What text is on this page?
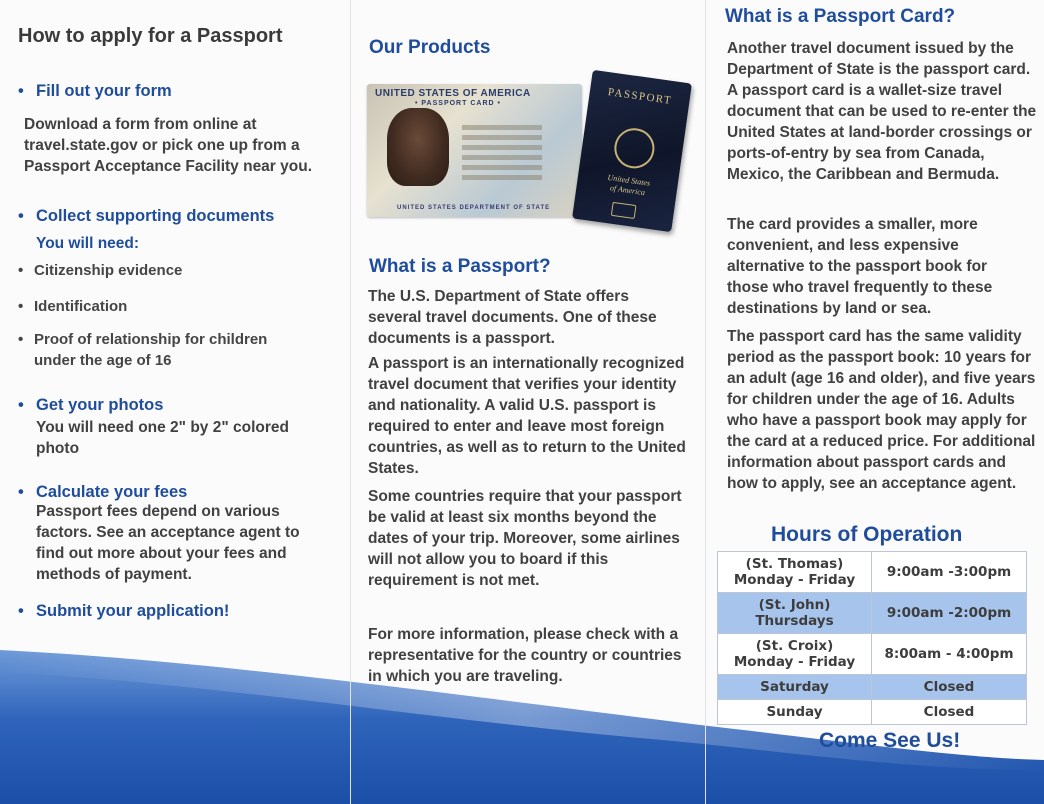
How to apply for a Passport
• Fill out your form

Download a form from online at travel.state.gov or pick one up from a Passport Acceptance Facility near you.

• Collect supporting documents
You will need:
• Citizenship evidence
• Identification
• Proof of relationship for children under the age of 16
• Get your photos

You will need one 2" by 2" colored photo

• Calculate your fees

Passport fees depend on various factors. See an acceptance agent to find out more about your fees and methods of payment.

• Submit your application!
Our Products
UNITED STATES OF AMERICA
• PASSPORT CARD •
UNITED STATES DEPARTMENT OF STATE
PASSPORT
United States of America
What is a Passport?

The U.S. Department of State offers several travel documents. One of these documents is a passport.

A passport is an internationally recognized travel document that verifies your identity and nationality. A valid U.S. passport is required to enter and leave most foreign countries, as well as to return to the United States.

Some countries require that your passport be valid at least six months beyond the dates of your trip. Moreover, some airlines will not allow you to board if this requirement is not met.

For more information, please check with a representative for the country or countries in which you are traveling.

What is a Passport Card?

Another travel document issued by the Department of State is the passport card. A passport card is a wallet-size travel document that can be used to re-enter the United States at land-border crossings or ports-of-entry by sea from Canada, Mexico, the Caribbean and Bermuda.

The card provides a smaller, more convenient, and less expensive alternative to the passport book for those who travel frequently to these destinations by land or sea.

The passport card has the same validity period as the passport book: 10 years for an adult (age 16 and older), and five years for children under the age of 16. Adults who have a passport book may apply for the card at a reduced price. For additional information about passport cards and how to apply, see an acceptance agent.

Hours of Operation
(St. Thomas)
Monday - Friday	9:00am -3:00pm
(St. John)
Thursdays	9:00am -2:00pm
(St. Croix)
Monday - Friday	8:00am - 4:00pm
Saturday	Closed
Sunday	Closed
Come See Us!
